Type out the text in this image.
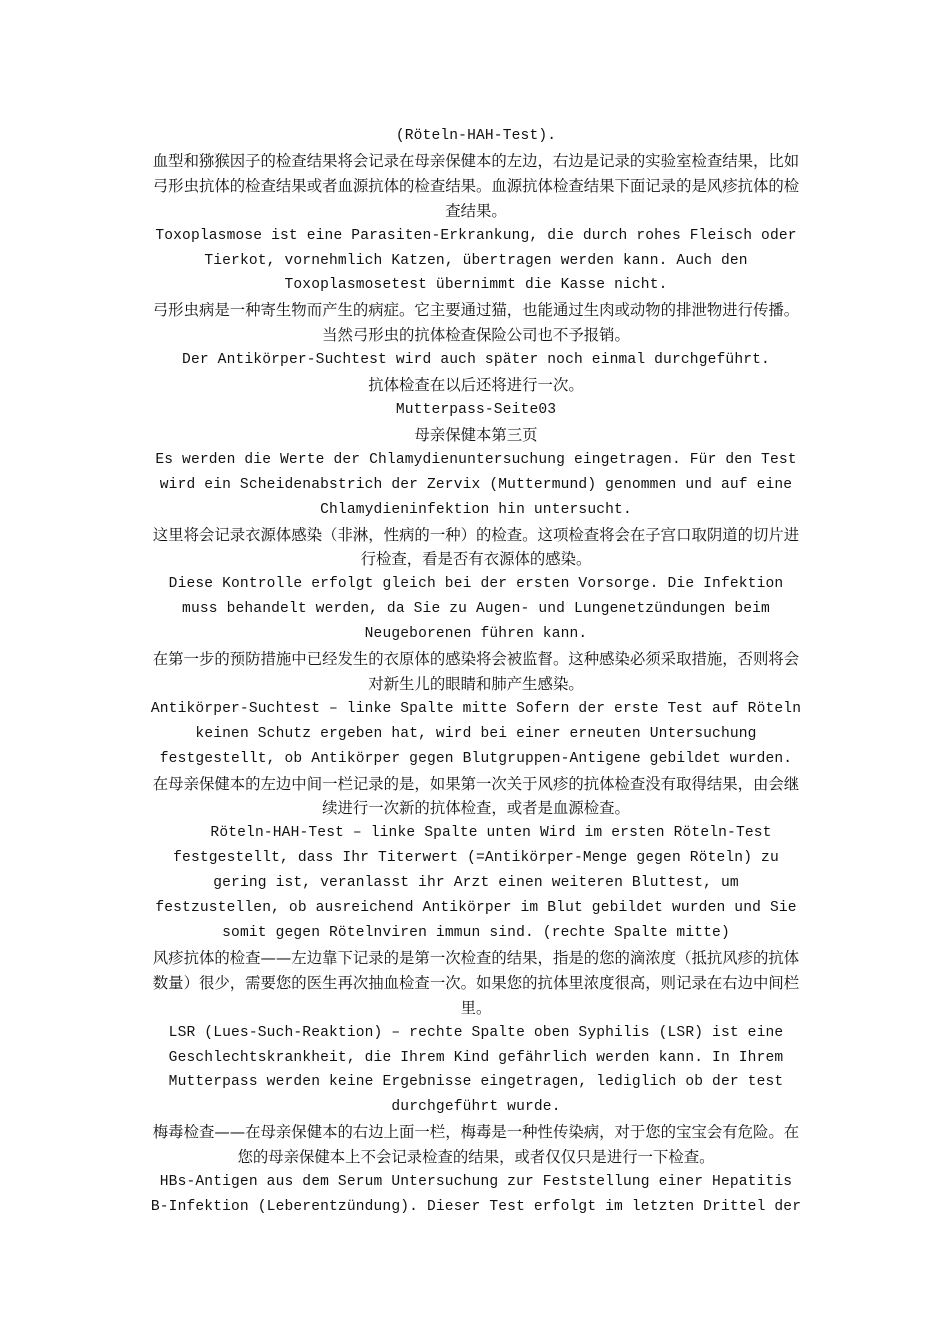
(Röteln-HAH-Test).

血型和猕猴因子的检查结果将会记录在母亲保健本的左边，右边是记录的实验室检查结果，比如弓形虫抗体的检查结果或者血源抗体的检查结果。血源抗体检查结果下面记录的是风疹抗体的检查结果。

Toxoplasmose ist eine Parasiten-Erkrankung, die durch rohes Fleisch oder Tierkot, vornehmlich Katzen, übertragen werden kann. Auch den Toxoplasmosetest übernimmt die Kasse nicht.

弓形虫病是一种寄生物而产生的病症。它主要通过猫，也能通过生肉或动物的排泄物进行传播。当然弓形虫的抗体检查保险公司也不予报销。

Der Antikörper-Suchtest wird auch später noch einmal durchgeführt.

抗体检查在以后还将进行一次。

Mutterpass-Seite03

母亲保健本第三页

Es werden die Werte der Chlamydienuntersuchung eingetragen. Für den Test wird ein Scheidenabstrich der Zervix (Muttermund) genommen und auf eine Chlamydieninfektion hin untersucht.

这里将会记录衣源体感染（非淋，性病的一种）的检查。这项检查将会在子宫口取阴道的切片进行检查，看是否有衣源体的感染。

Diese Kontrolle erfolgt gleich bei der ersten Vorsorge. Die Infektion muss behandelt werden, da Sie zu Augen- und Lungenetzündungen beim Neugeborenen führen kann.

在第一步的预防措施中已经发生的衣原体的感染将会被监督。这种感染必须采取措施，否则将会对新生儿的眼睛和肺产生感染。

Antikörper-Suchtest – linke Spalte mitte Sofern der erste Test auf Röteln keinen Schutz ergeben hat, wird bei einer erneuten Untersuchung festgestellt, ob Antikörper gegen Blutgruppen-Antigene gebildet wurden.

在母亲保健本的左边中间一栏记录的是，如果第一次关于风疹的抗体检查没有取得结果，由会继续进行一次新的抗体检查，或者是血源检查。

Röteln-HAH-Test – linke Spalte unten Wird im ersten Röteln-Test festgestellt, dass Ihr Titerwert (=Antikörper-Menge gegen Röteln) zu gering ist, veranlasst ihr Arzt einen weiteren Bluttest, um festzustellen, ob ausreichend Antikörper im Blut gebildet wurden und Sie somit gegen Rötelnviren immun sind. (rechte Spalte mitte)

风疹抗体的检查——左边靠下记录的是第一次检查的结果，指是的您的滴浓度（抵抗风疹的抗体数量）很少，需要您的医生再次抽血检查一次。如果您的抗体里浓度很高，则记录在右边中间栏里。

LSR (Lues-Such-Reaktion) – rechte Spalte oben Syphilis (LSR) ist eine Geschlechtskrankheit, die Ihrem Kind gefährlich werden kann. In Ihrem Mutterpass werden keine Ergebnisse eingetragen, lediglich ob der test durchgeführt wurde.

梅毒检查——在母亲保健本的右边上面一栏，梅毒是一种性传染病，对于您的宝宝会有危险。在您的母亲保健本上不会记录检查的结果，或者仅仅只是进行一下检查。

HBs-Antigen aus dem Serum Untersuchung zur Feststellung einer Hepatitis B-Infektion (Leberentzündung). Dieser Test erfolgt im letzten Drittel der
